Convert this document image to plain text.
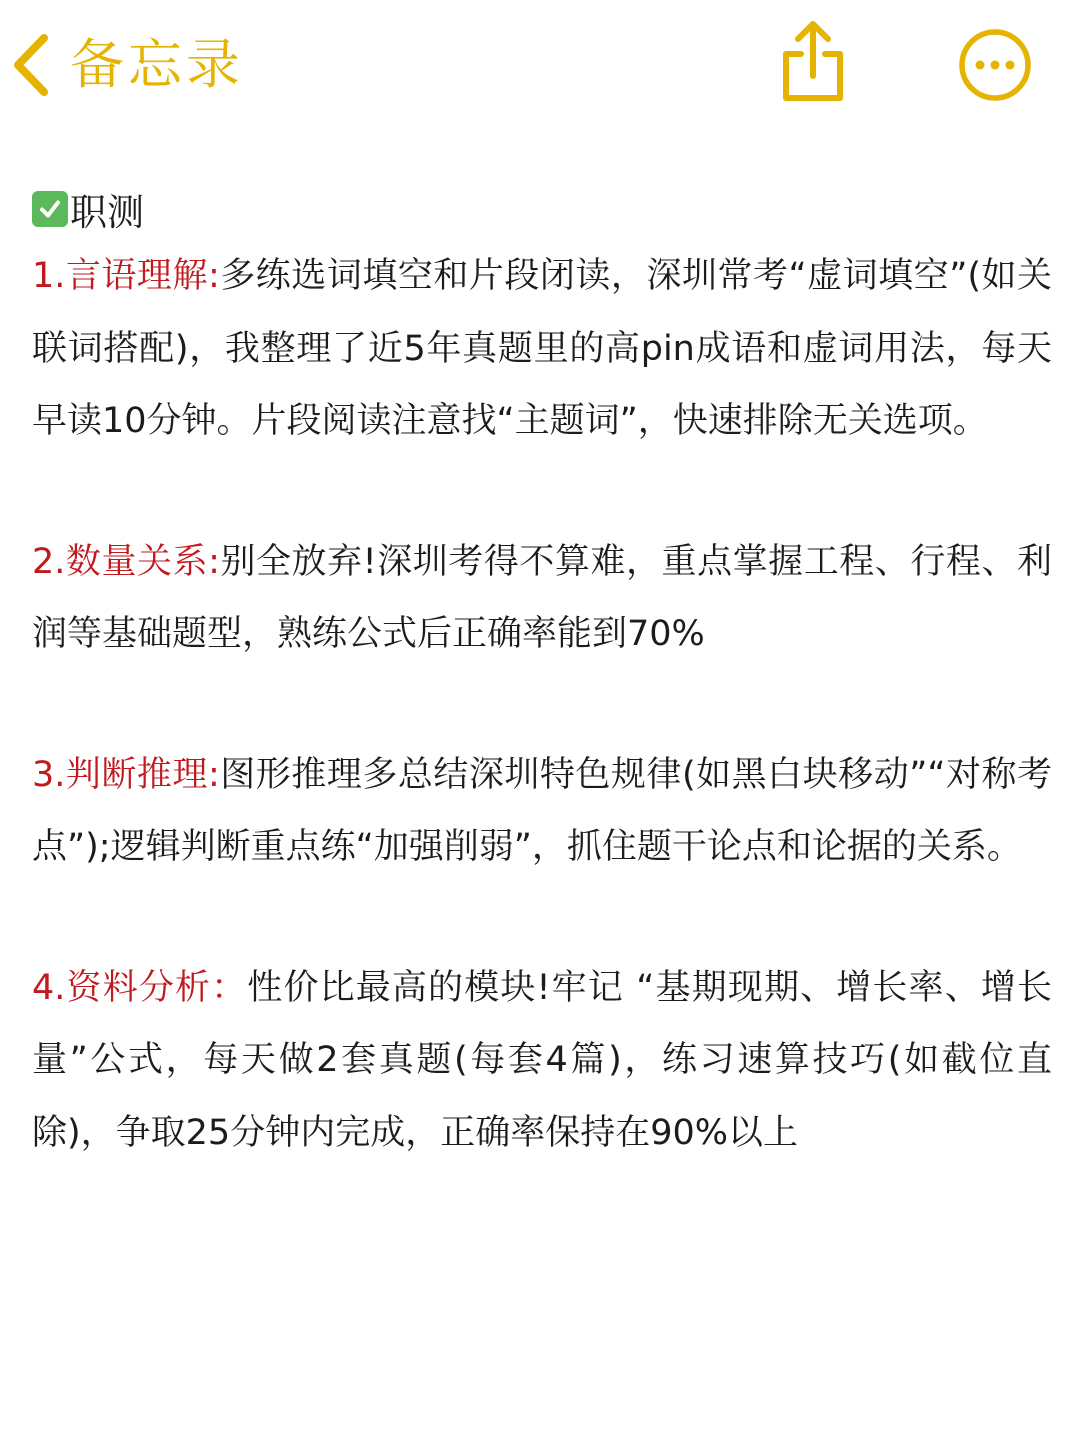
备忘录
职测

1.言语理解:多练选词填空和片段闭读，深圳常考“虚词填空”(如关联词搭配)，我整理了近5年真题里的高pin成语和虚词用法，每天早读10分钟。片段阅读注意找“主题词”，快速排除无关选项。

2.数量关系:别全放弃!深圳考得不算难，重点掌握工程、行程、利润等基础题型，熟练公式后正确率能到70%

3.判断推理:图形推理多总结深圳特色规律(如黑白块移动”“对称考点”);逻辑判断重点练“加强削弱”，抓住题干论点和论据的关系。

4.资料分析：性价比最高的模块!牢记 “基期现期、增长率、增长量”公式，每天做2套真题(每套4篇)，练习速算技巧(如截位直除)，争取25分钟内完成，正确率保持在90%以上
